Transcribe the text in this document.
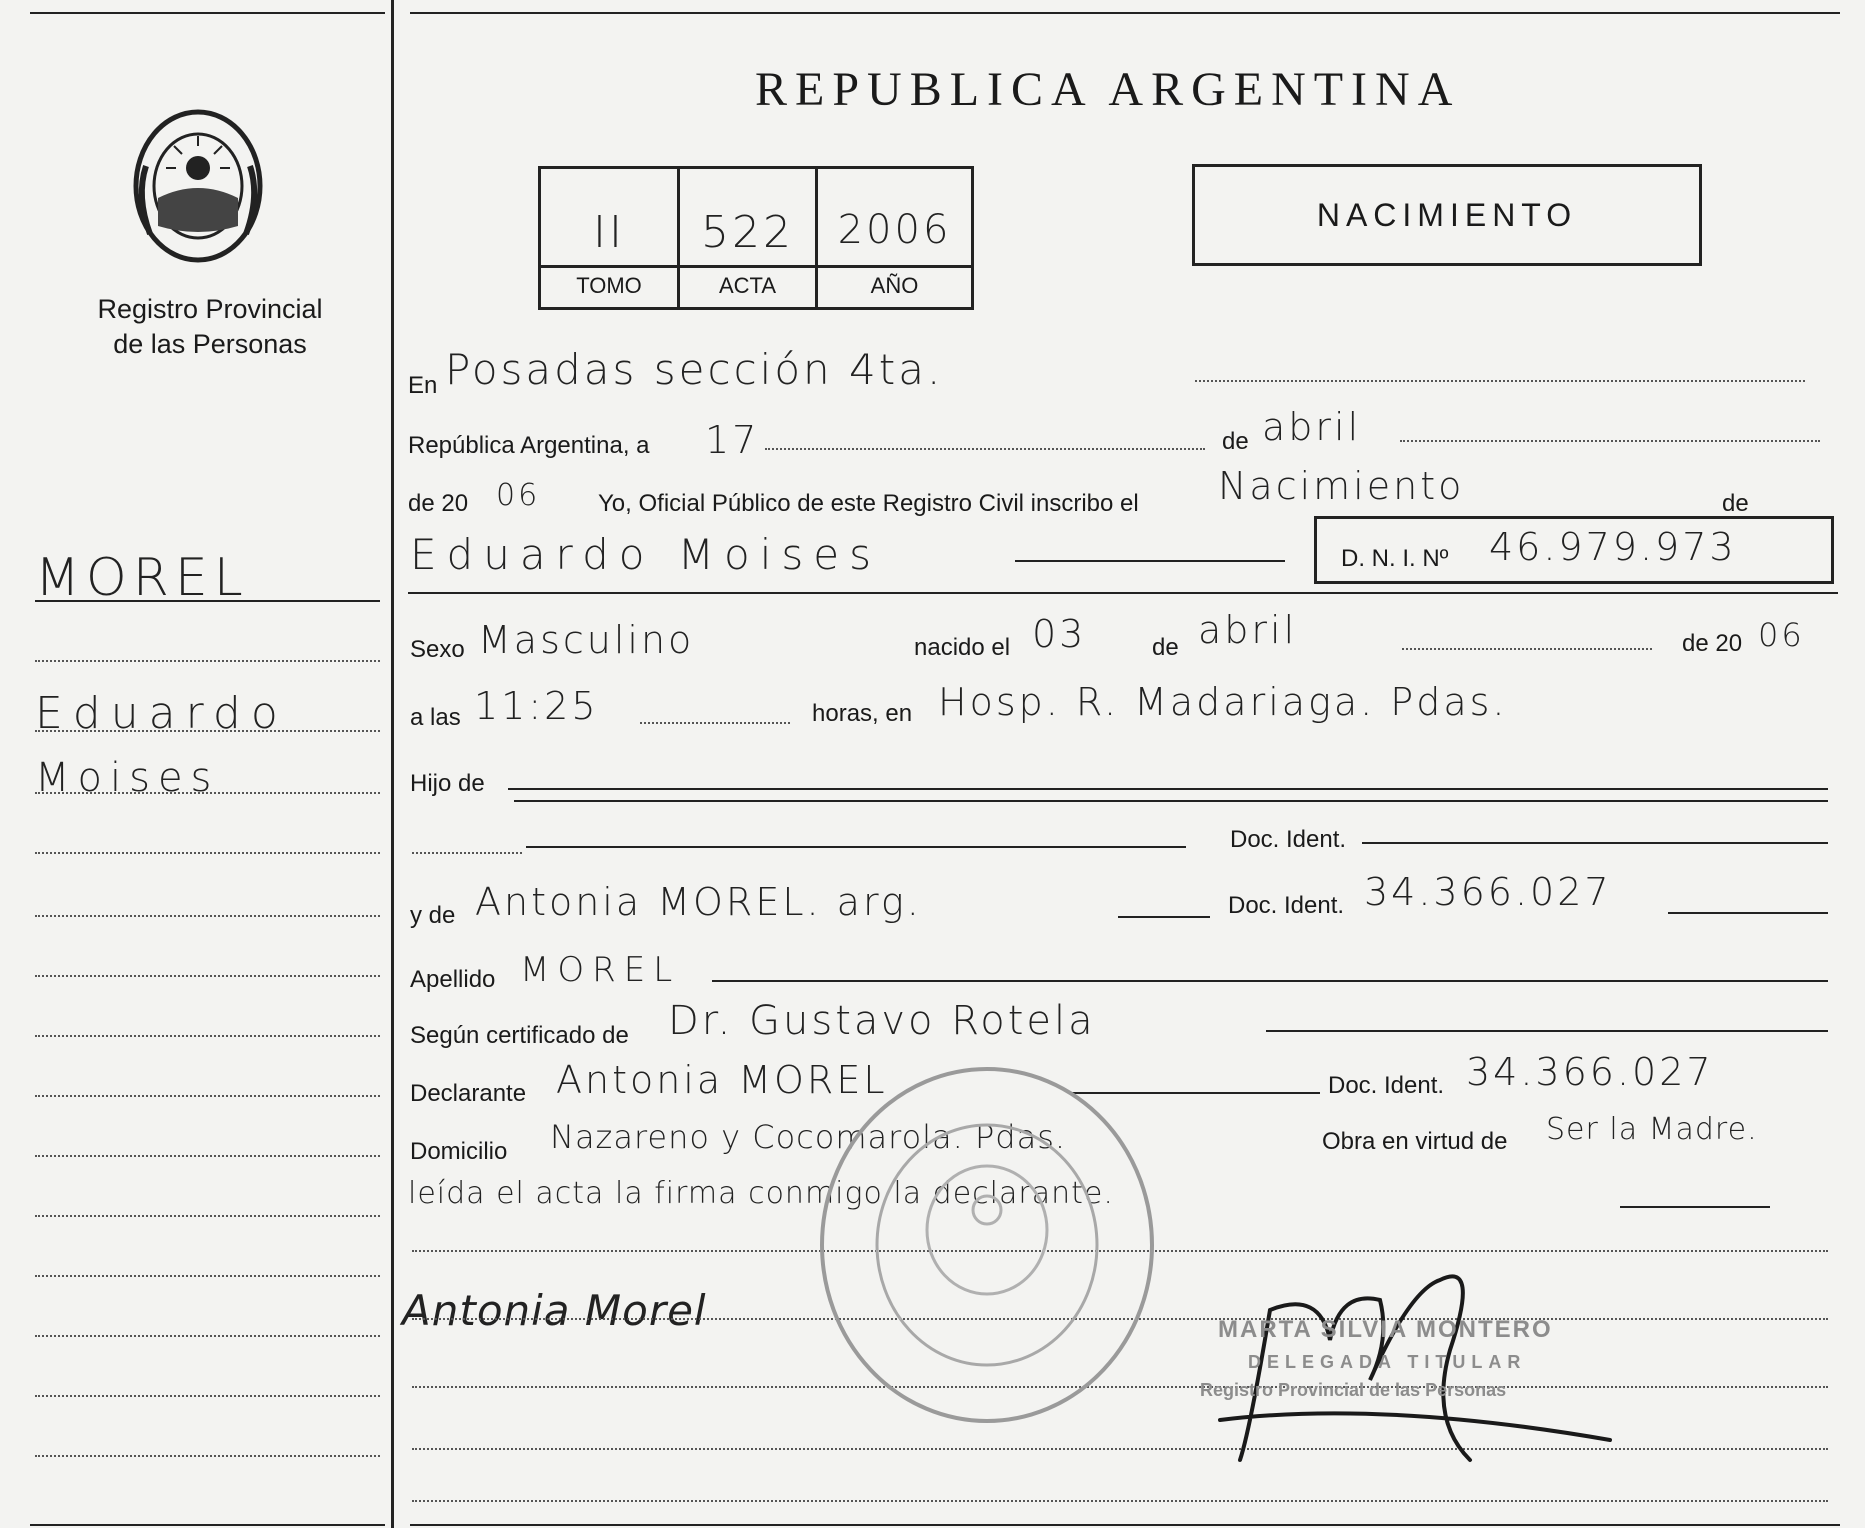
Registro Provincial
de las Personas
MOREL
Eduardo
Moises
REPUBLICA ARGENTINA
II	522	2006
TOMO	ACTA	AÑO
NACIMIENTO
En Posadas sección 4ta.
República Argentina, a 17	de abril
de 20 06 Yo, Oficial Público de este Registro Civil inscribo el Nacimiento	de
Eduardo Moises	D. N. I. Nº 46.979.973
Sexo Masculino	nacido el 03	de abril	de 20 06
a las 11:25	horas, en Hosp. R. Madariaga. Pdas.
Hijo de
Doc. Ident.
y de Antonia MOREL. arg.	Doc. Ident. 34.366.027
Apellido MOREL
Según certificado de Dr. Gustavo Rotela
Declarante Antonia MOREL	Doc. Ident. 34.366.027
Domicilio Nazareno y Cocomarola. Pdas.	Obra en virtud de Ser la Madre.
leída el acta la firma conmigo la declarante.
Antonia Morel	MARTA SILVIA MONTERO
DELEGADA TITULAR
Registro Provincial de las Personas
